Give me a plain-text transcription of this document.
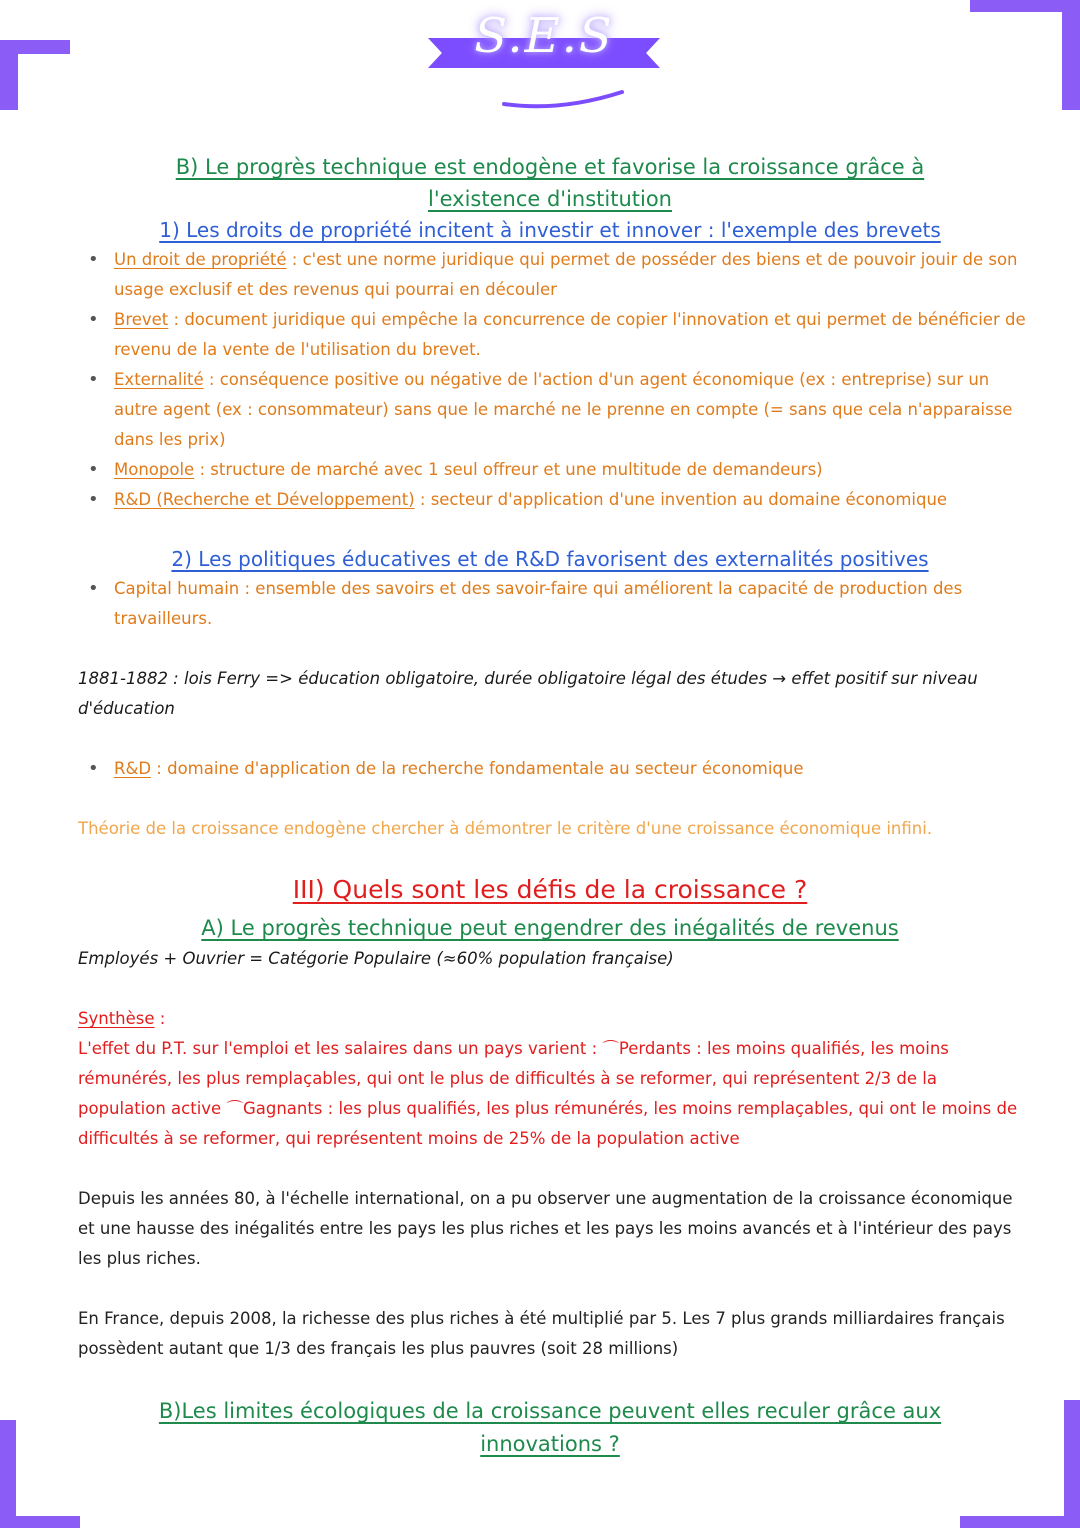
S.E.S
B) Le progrès technique est endogène et favorise la croissance grâce à
l'existence d'institution
1) Les droits de propriété incitent à investir et innover : l'exemple des brevets
• Un droit de propriété : c'est une norme juridique qui permet de posséder des biens et de pouvoir jouir de son usage exclusif et des revenus qui pourrai en découler
• Brevet : document juridique qui empêche la concurrence de copier l'innovation et qui permet de bénéficier de revenu de la vente de l'utilisation du brevet.
• Externalité : conséquence positive ou négative de l'action d'un agent économique (ex : entreprise) sur un autre agent (ex : consommateur) sans que le marché ne le prenne en compte (= sans que cela n'apparaisse dans les prix)
• Monopole : structure de marché avec 1 seul offreur et une multitude de demandeurs)
• R&D (Recherche et Développement) : secteur d'application d'une invention au domaine économique
2) Les politiques éducatives et de R&D favorisent des externalités positives
• Capital humain : ensemble des savoirs et des savoir-faire qui améliorent la capacité de production des travailleurs.

1881-1882 : lois Ferry => éducation obligatoire, durée obligatoire légal des études → effet positif sur niveau d'éducation

• R&D : domaine d'application de la recherche fondamentale au secteur économique

Théorie de la croissance endogène chercher à démontrer le critère d'une croissance économique infini.

III) Quels sont les défis de la croissance ?
A) Le progrès technique peut engendrer des inégalités de revenus

Employés + Ouvrier = Catégorie Populaire (≈60% population française)

Synthèse :

L'effet du P.T. sur l'emploi et les salaires dans un pays varient : ⌒Perdants : les moins qualifiés, les moins rémunérés, les plus remplaçables, qui ont le plus de difficultés à se reformer, qui représentent 2/3 de la population active ⌒Gagnants : les plus qualifiés, les plus rémunérés, les moins remplaçables, qui ont le moins de difficultés à se reformer, qui représentent moins de 25% de la population active

Depuis les années 80, à l'échelle international, on a pu observer une augmentation de la croissance économique et une hausse des inégalités entre les pays les plus riches et les pays les moins avancés et à l'intérieur des pays les plus riches.

En France, depuis 2008, la richesse des plus riches à été multiplié par 5. Les 7 plus grands milliardaires français possèdent autant que 1/3 des français les plus pauvres (soit 28 millions)

B)Les limites écologiques de la croissance peuvent elles reculer grâce aux
innovations ?
